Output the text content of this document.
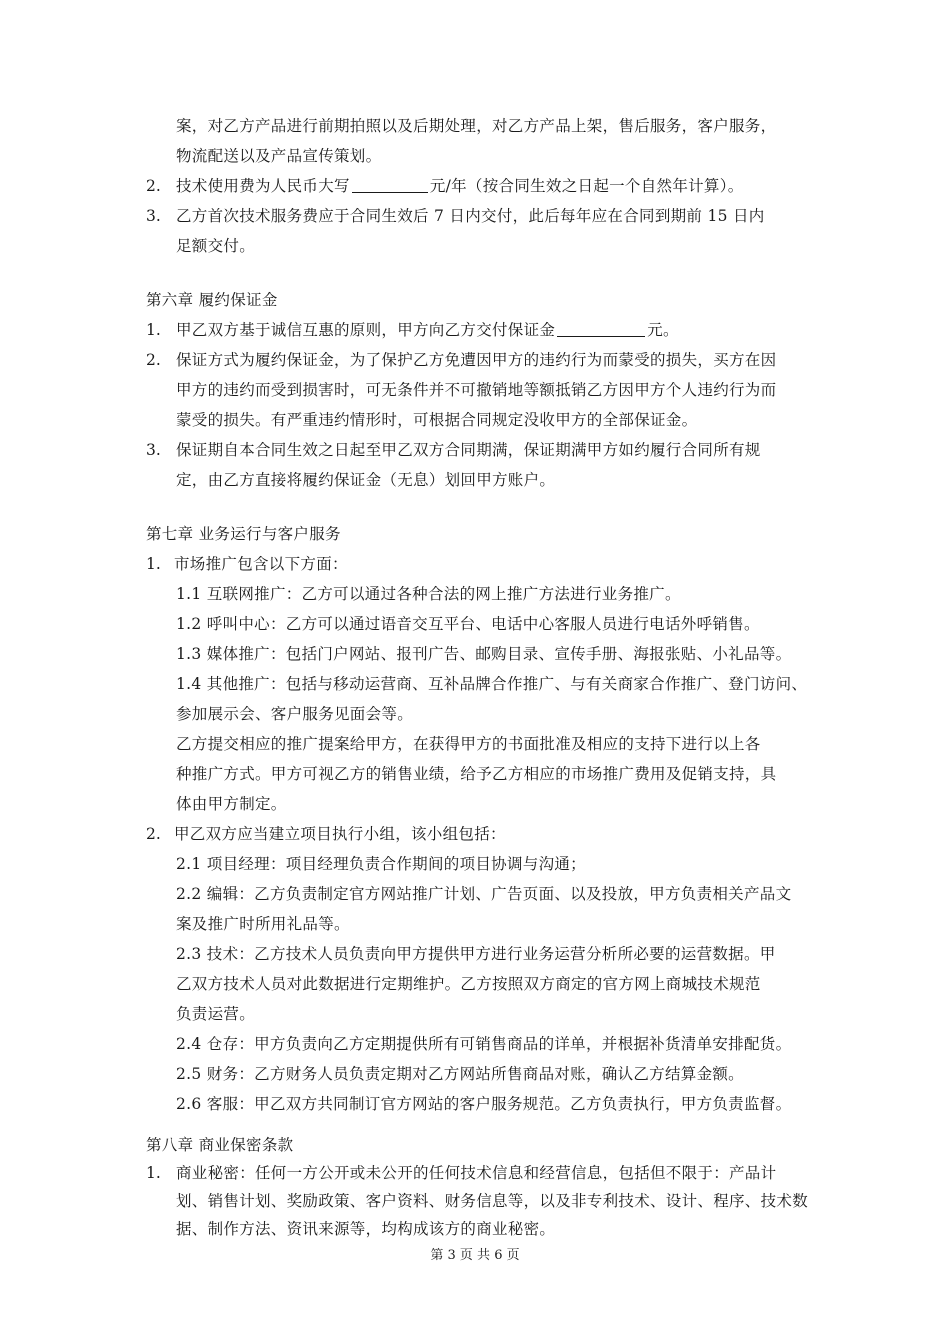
案，对乙方产品进行前期拍照以及后期处理，对乙方产品上架，售后服务，客户服务，
物流配送以及产品宣传策划。
2. 技术使用费为人民币大写	元/年（按合同生效之日起一个自然年计算）。
3. 乙方首次技术服务费应于合同生效后 7 日内交付，此后每年应在合同到期前 15 日内
足额交付。
第六章 履约保证金
1. 甲乙双方基于诚信互惠的原则，甲方向乙方交付保证金	元。
2. 保证方式为履约保证金，为了保护乙方免遭因甲方的违约行为而蒙受的损失，买方在因
甲方的违约而受到损害时，可无条件并不可撤销地等额抵销乙方因甲方个人违约行为而
蒙受的损失。有严重违约情形时，可根据合同规定没收甲方的全部保证金。
3. 保证期自本合同生效之日起至甲乙双方合同期满，保证期满甲方如约履行合同所有规
定，由乙方直接将履约保证金（无息）划回甲方账户。
第七章 业务运行与客户服务
1. 市场推广包含以下方面：
1.1 互联网推广：乙方可以通过各种合法的网上推广方法进行业务推广。
1.2 呼叫中心：乙方可以通过语音交互平台、电话中心客服人员进行电话外呼销售。
1.3 媒体推广：包括门户网站、报刊广告、邮购目录、宣传手册、海报张贴、小礼品等。
1.4 其他推广：包括与移动运营商、互补品牌合作推广、与有关商家合作推广、登门访问、
参加展示会、客户服务见面会等。
乙方提交相应的推广提案给甲方，在获得甲方的书面批准及相应的支持下进行以上各
种推广方式。甲方可视乙方的销售业绩，给予乙方相应的市场推广费用及促销支持，具
体由甲方制定。
2. 甲乙双方应当建立项目执行小组，该小组包括：
2.1 项目经理：项目经理负责合作期间的项目协调与沟通；
2.2 编辑：乙方负责制定官方网站推广计划、广告页面、以及投放，甲方负责相关产品文
案及推广时所用礼品等。
2.3 技术：乙方技术人员负责向甲方提供甲方进行业务运营分析所必要的运营数据。甲
乙双方技术人员对此数据进行定期维护。乙方按照双方商定的官方网上商城技术规范
负责运营。
2.4 仓存：甲方负责向乙方定期提供所有可销售商品的详单，并根据补货清单安排配货。
2.5 财务：乙方财务人员负责定期对乙方网站所售商品对账，确认乙方结算金额。
2.6 客服：甲乙双方共同制订官方网站的客户服务规范。乙方负责执行，甲方负责监督。
第八章 商业保密条款
1. 商业秘密：任何一方公开或未公开的任何技术信息和经营信息，包括但不限于：产品计
划、销售计划、奖励政策、客户资料、财务信息等，以及非专利技术、设计、程序、技术数
第 3 页 共 6 页
据、制作方法、资讯来源等，均构成该方的商业秘密。
